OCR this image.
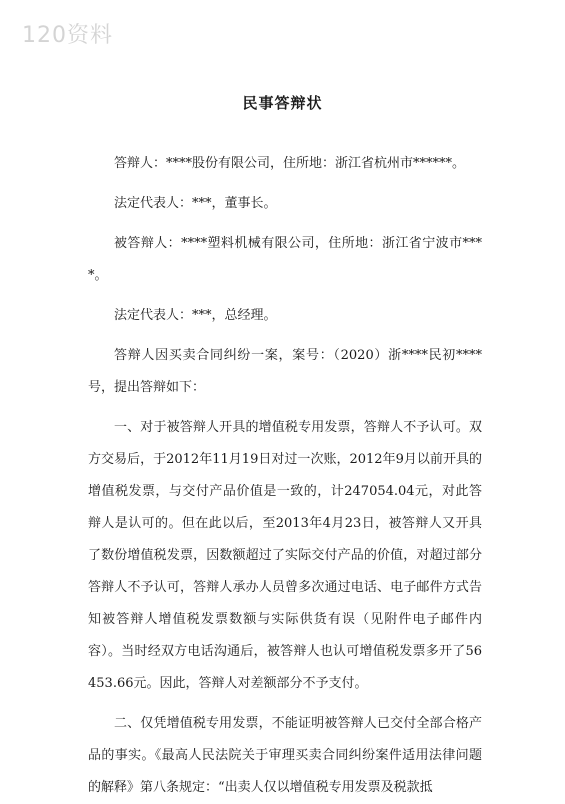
120资料
民事答辩状

答辩人：****股份有限公司，住所地：浙江省杭州市******。

法定代表人：***，董事长。

被答辩人：****塑料机械有限公司，住所地：浙江省宁波市****。

法定代表人：***，总经理。

答辩人因买卖合同纠纷一案，案号：（2020）浙****民初****号，提出答辩如下：

一、对于被答辩人开具的增值税专用发票，答辩人不予认可。双方交易后，于2012年11月19日对过一次账，2012年9月以前开具的增值税发票，与交付产品价值是一致的，计247054.04元，对此答辩人是认可的。但在此以后，至2013年4月23日，被答辩人又开具了数份增值税发票，因数额超过了实际交付产品的价值，对超过部分答辩人不予认可，答辩人承办人员曾多次通过电话、电子邮件方式告知被答辩人增值税发票数额与实际供货有误（见附件电子邮件内容）。当时经双方电话沟通后，被答辩人也认可增值税发票多开了56453.66元。因此，答辩人对差额部分不予支付。

二、仅凭增值税专用发票，不能证明被答辩人已交付全部合格产品的事实。《最高人民法院关于审理买卖合同纠纷案件适用法律问题的解释》第八条规定：“出卖人仅以增值税专用发票及税款抵
